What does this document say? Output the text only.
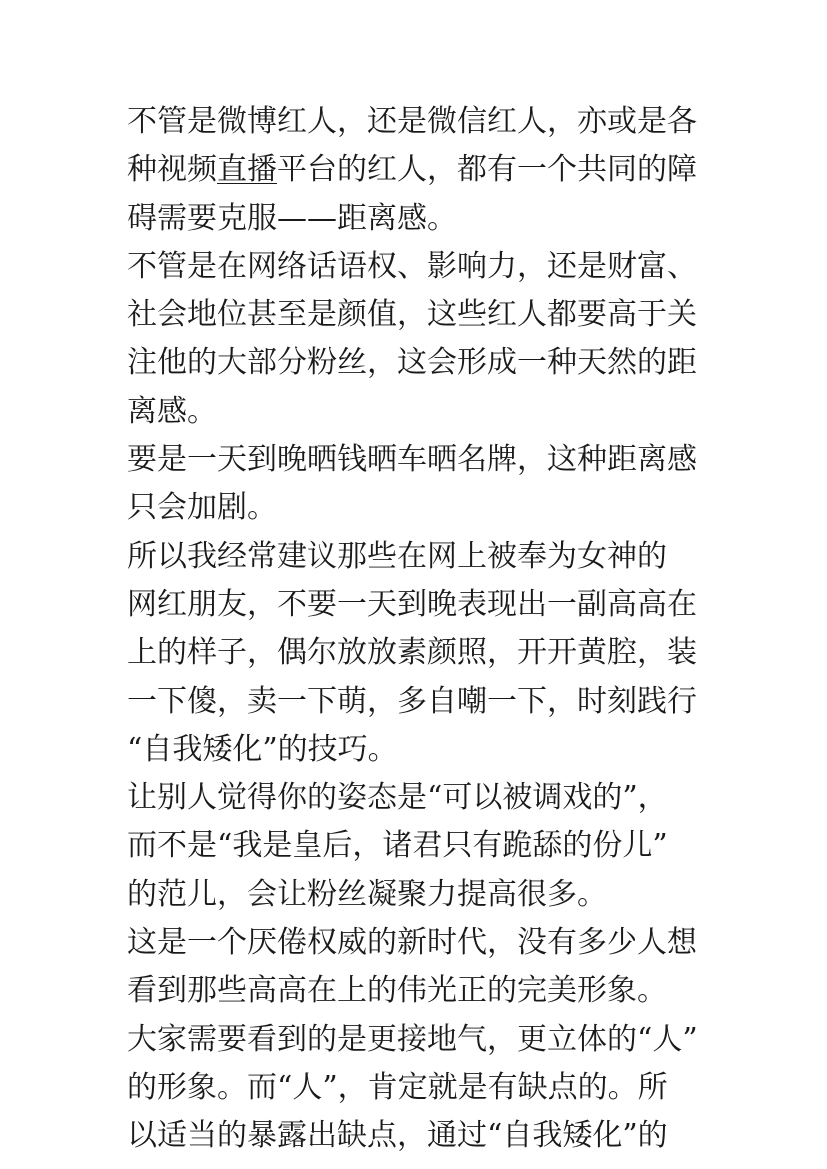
不管是微博红人，还是微信红人，亦或是各
种视频直播平台的红人，都有一个共同的障
碍需要克服——距离感。

不管是在网络话语权、影响力，还是财富、
社会地位甚至是颜值，这些红人都要高于关
注他的大部分粉丝，这会形成一种天然的距
离感。

要是一天到晚晒钱晒车晒名牌，这种距离感
只会加剧。

所以我经常建议那些在网上被奉为女神的
网红朋友，不要一天到晚表现出一副高高在
上的样子，偶尔放放素颜照，开开黄腔，装
一下傻，卖一下萌，多自嘲一下，时刻践行
“自我矮化”的技巧。

让别人觉得你的姿态是“可以被调戏的”，
而不是“我是皇后，诸君只有跪舔的份儿”
的范儿，会让粉丝凝聚力提高很多。

这是一个厌倦权威的新时代，没有多少人想
看到那些高高在上的伟光正的完美形象。

大家需要看到的是更接地气，更立体的“人”
的形象。而“人”，肯定就是有缺点的。所
以适当的暴露出缺点，通过“自我矮化”的
